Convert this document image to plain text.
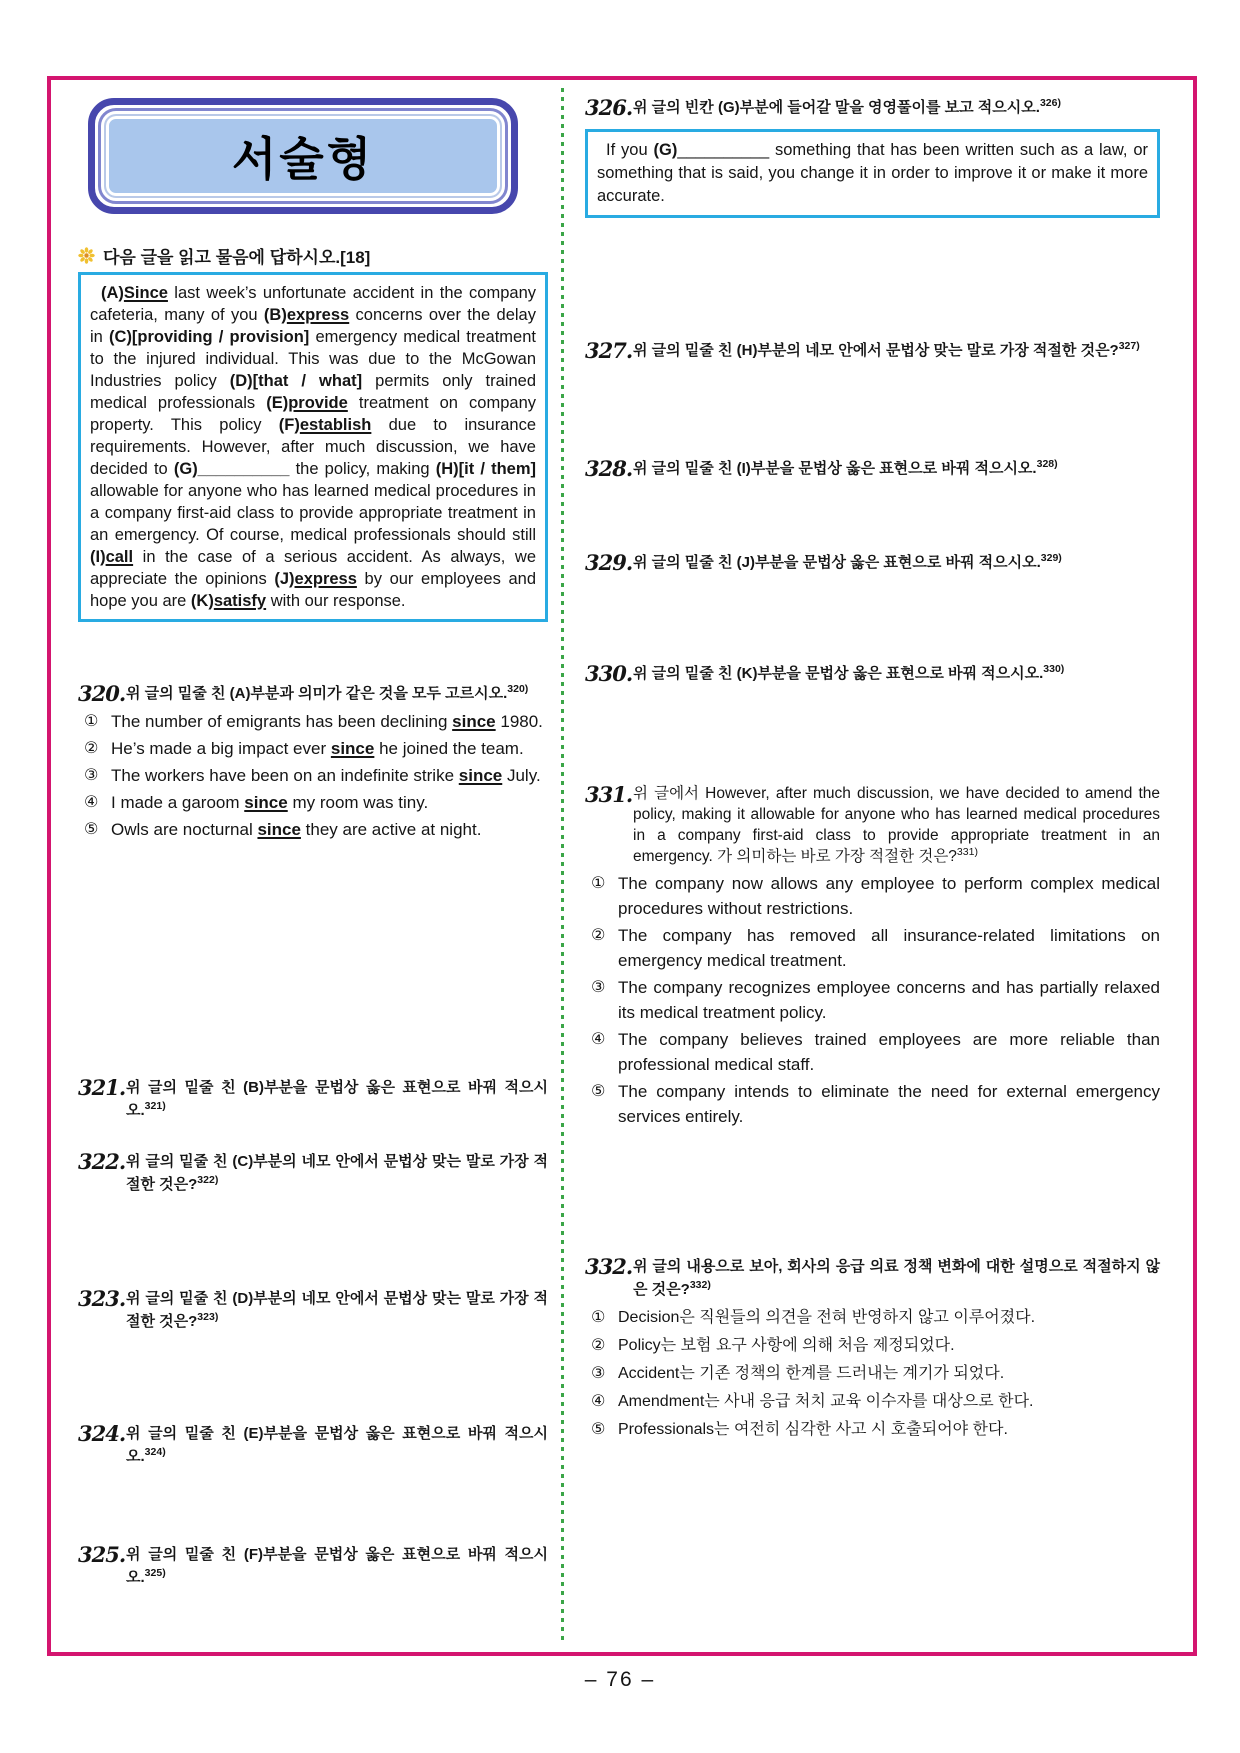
서술형
다음 글을 읽고 물음에 답하시오.[18]
(A)Since last week’s unfortunate accident in the company cafeteria, many of you (B)express concerns over the delay in (C)[providing / provision] emergency medical treatment to the injured individual. This was due to the McGowan Industries policy (D)[that / what] permits only trained medical professionals (E)provide treatment on company property. This policy (F)establish due to insurance requirements. However, after much discussion, we have decided to (G)__________ the policy, making (H)[it / them] allowable for anyone who has learned medical procedures in a company first-aid class to provide appropriate treatment in an emergency. Of course, medical professionals should still (I)call in the case of a serious accident. As always, we appreciate the opinions (J)express by our employees and hope you are (K)satisfy with our response.
320. 위 글의 밑줄 친 (A)부분과 의미가 같은 것을 모두 고르시오.$^{320)}$
① The number of emigrants has been declining since 1980.
② He’s made a big impact ever since he joined the team.
③ The workers have been on an indefinite strike since July.
④ I made a garoom since my room was tiny.
⑤ Owls are nocturnal since they are active at night.
321. 위 글의 밑줄 친 (B)부분을 문법상 옳은 표현으로 바꿔 적으시오.$^{321)}$
322. 위 글의 밑줄 친 (C)부분의 네모 안에서 문법상 맞는 말로 가장 적절한 것은?$^{322)}$
323. 위 글의 밑줄 친 (D)부분의 네모 안에서 문법상 맞는 말로 가장 적절한 것은?$^{323)}$
324. 위 글의 밑줄 친 (E)부분을 문법상 옳은 표현으로 바꿔 적으시오.$^{324)}$
325. 위 글의 밑줄 친 (F)부분을 문법상 옳은 표현으로 바꿔 적으시오.$^{325)}$
326. 위 글의 빈칸 (G)부분에 들어갈 말을 영영풀이를 보고 적으시오.$^{326)}$
If you (G)__________ something that has been written such as a law, or something that is said, you change it in order to improve it or make it more accurate.
327. 위 글의 밑줄 친 (H)부분의 네모 안에서 문법상 맞는 말로 가장 적절한 것은?$^{327)}$
328. 위 글의 밑줄 친 (I)부분을 문법상 옳은 표현으로 바꿔 적으시오.$^{328)}$
329. 위 글의 밑줄 친 (J)부분을 문법상 옳은 표현으로 바꿔 적으시오.$^{329)}$
330. 위 글의 밑줄 친 (K)부분을 문법상 옳은 표현으로 바꿔 적으시오.$^{330)}$
331. 위 글에서 However, after much discussion, we have decided to amend the policy, making it allowable for anyone who has learned medical procedures in a company first-aid class to provide appropriate treatment in an emergency. 가 의미하는 바로 가장 적절한 것은?$^{331)}$
① The company now allows any employee to perform complex medical procedures without restrictions.
② The company has removed all insurance-related limitations on emergency medical treatment.
③ The company recognizes employee concerns and has partially relaxed its medical treatment policy.
④ The company believes trained employees are more reliable than professional medical staff.
⑤ The company intends to eliminate the need for external emergency services entirely.
332. 위 글의 내용으로 보아, 회사의 응급 의료 정책 변화에 대한 설명으로 적절하지 않은 것은?$^{332)}$
① Decision은 직원들의 의견을 전혀 반영하지 않고 이루어졌다.
② Policy는 보험 요구 사항에 의해 처음 제정되었다.
③ Accident는 기존 정책의 한계를 드러내는 계기가 되었다.
④ Amendment는 사내 응급 처치 교육 이수자를 대상으로 한다.
⑤ Professionals는 여전히 심각한 사고 시 호출되어야 한다.
– 76 –
